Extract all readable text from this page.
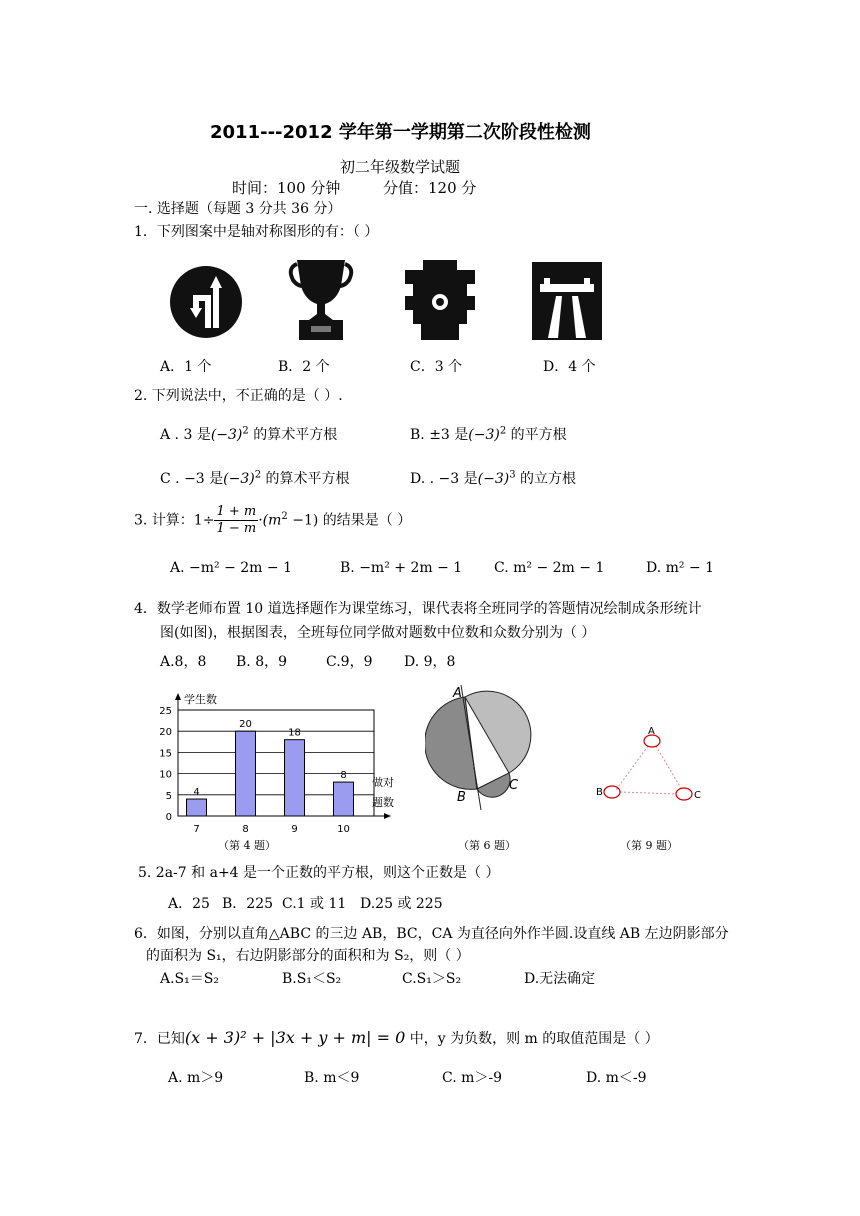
2011---2012 学年第一学期第二次阶段性检测
初二年级数学试题
时间：100 分钟	分值：120 分
一. 选择题（每题 3 分共 36 分）
1．下列图案中是轴对称图形的有：（ ）
A．1 个	B．2 个	C．3 个	D．4 个
2. 下列说法中，不正确的是（ ）.
A . 3 是$(-3)^2$ 的算术平方根	B. ±3 是$(-3)^2$ 的平方根
C . −3 是$(-3)^2$ 的算术平方根	D. . −3 是$(-3)^3$ 的立方根
3. 计算：$1\div \frac{1 + m}{1 - m} \cdot(m^2 -1)$ 的结果是（ ）
A. −m² − 2m − 1	B. −m² + 2m − 1 C. m² − 2m − 1	D. m² − 1
4．数学老师布置 10 道选择题作为课堂练习，课代表将全班同学的答题情况绘制成条形统计
图(如图)，根据图表，全班每位同学做对题数中位数和众数分别为（ ）
A.8，8 B. 8，9	C.9，9 D. 9，8
学生数
0
5
10
15
20
25
7	8	9	10
4
20
18
8
做对
题数
A
B
C
A
B	C
（第 4 题）	（第 6 题）	（第 9 题）
5. 2a-7 和 a+4 是一个正数的平方根，则这个正数是（ ）
A．25 B．225 C.1 或 11 D.25 或 225
6．如图，分别以直角△ABC 的三边 AB，BC，CA 为直径向外作半圆.设直线 AB 左边阴影部分
的面积为 S₁，右边阴影部分的面积和为 S₂，则（ ）
A.S₁＝S₂	B.S₁＜S₂	C.S₁＞S₂	D.无法确定
7．已知(x + 3)² + |3x + y + m| = 0 中，y 为负数，则 m 的取值范围是（ ）
A. m＞9	B. m＜9	C. m＞-9	D. m＜-9
